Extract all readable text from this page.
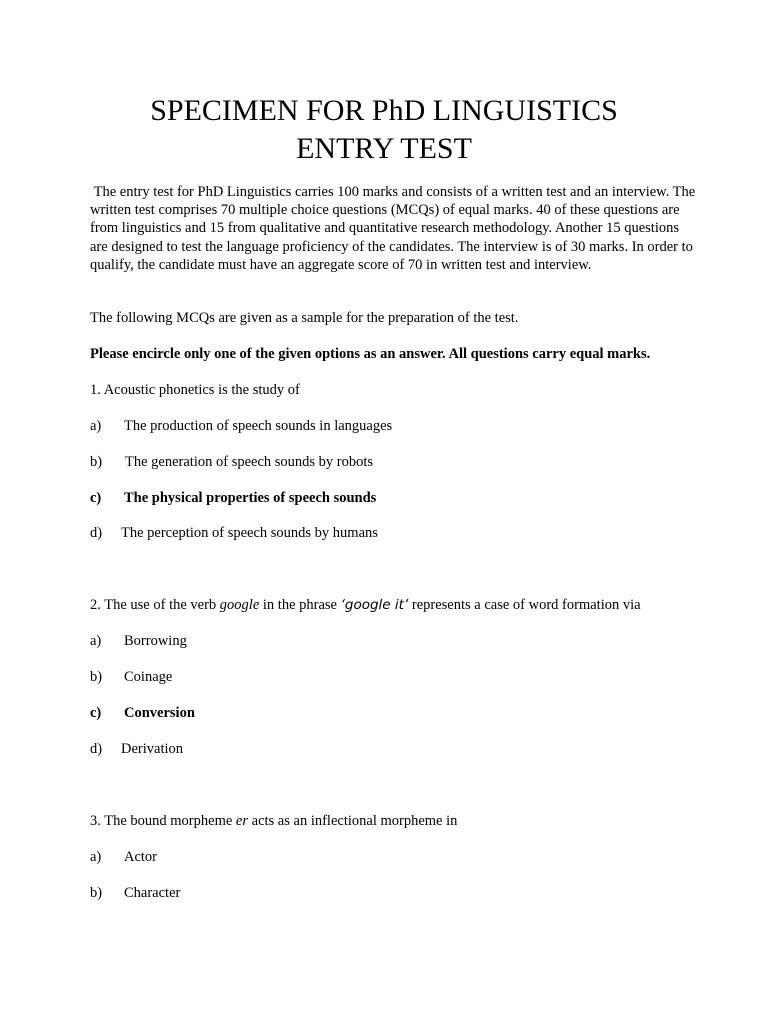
SPECIMEN FOR PhD LINGUISTICS
ENTRY TEST
The entry test for PhD Linguistics carries 100 marks and consists of a written test and an interview. The written test comprises 70 multiple choice questions (MCQs) of equal marks. 40 of these questions are from linguistics and 15 from qualitative and quantitative research methodology. Another 15 questions are designed to test the language proficiency of the candidates. The interview is of 30 marks. In order to qualify, the candidate must have an aggregate score of 70 in written test and interview.
The following MCQs are given as a sample for the preparation of the test.
Please encircle only one of the given options as an answer. All questions carry equal marks.
1. Acoustic phonetics is the study of
a) The production of speech sounds in languages
b) The generation of speech sounds by robots
c) The physical properties of speech sounds
d) The perception of speech sounds by humans
2. The use of the verb google in the phrase ‘google it’ represents a case of word formation via
a) Borrowing
b) Coinage
c) Conversion
d) Derivation
3. The bound morpheme er acts as an inflectional morpheme in
a) Actor
b) Character
